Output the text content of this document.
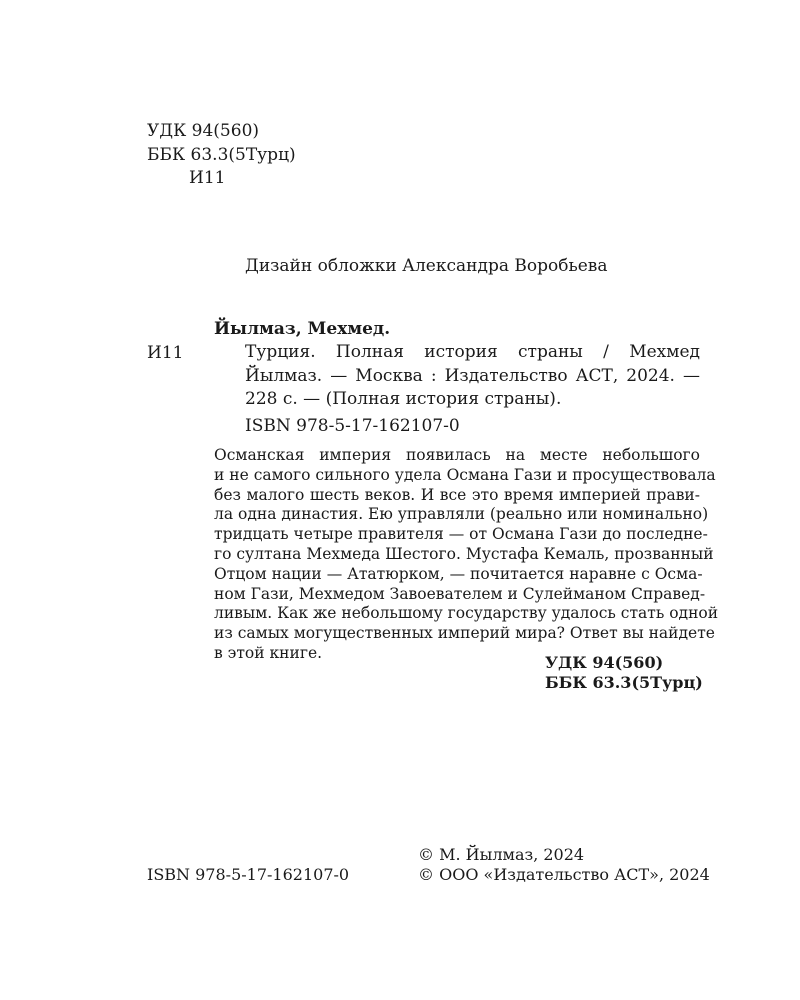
УДК 94(560)
ББК 63.3(5Турц)
И11
Дизайн обложки Александра Воробьева
Йылмаз, Мехмед.
И11	Турция. Полная история страны / Мехмед
Йылмаз. — Москва : Издательство АСТ, 2024. —
228 с. — (Полная история страны).
ISBN 978-5-17-162107-0
Османская империя появилась на месте небольшого
и не самого сильного удела Османа Гази и просуществовала
без малого шесть веков. И все это время империей прави-
ла одна династия. Ею управляли (реально или номинально)
тридцать четыре правителя — от Османа Гази до последне-
го султана Мехмеда Шестого. Мустафа Кемаль, прозванный
Отцом нации — Ататюрком, — почитается наравне с Осма-
ном Гази, Мехмедом Завоевателем и Сулейманом Справед-
ливым. Как же небольшому государству удалось стать одной
из самых могущественных империй мира? Ответ вы найдете
в этой книге.
УДК 94(560)
ББК 63.3(5Турц)
© М. Йылмаз, 2024
ISBN 978-5-17-162107-0	© ООО «Издательство АСТ», 2024
